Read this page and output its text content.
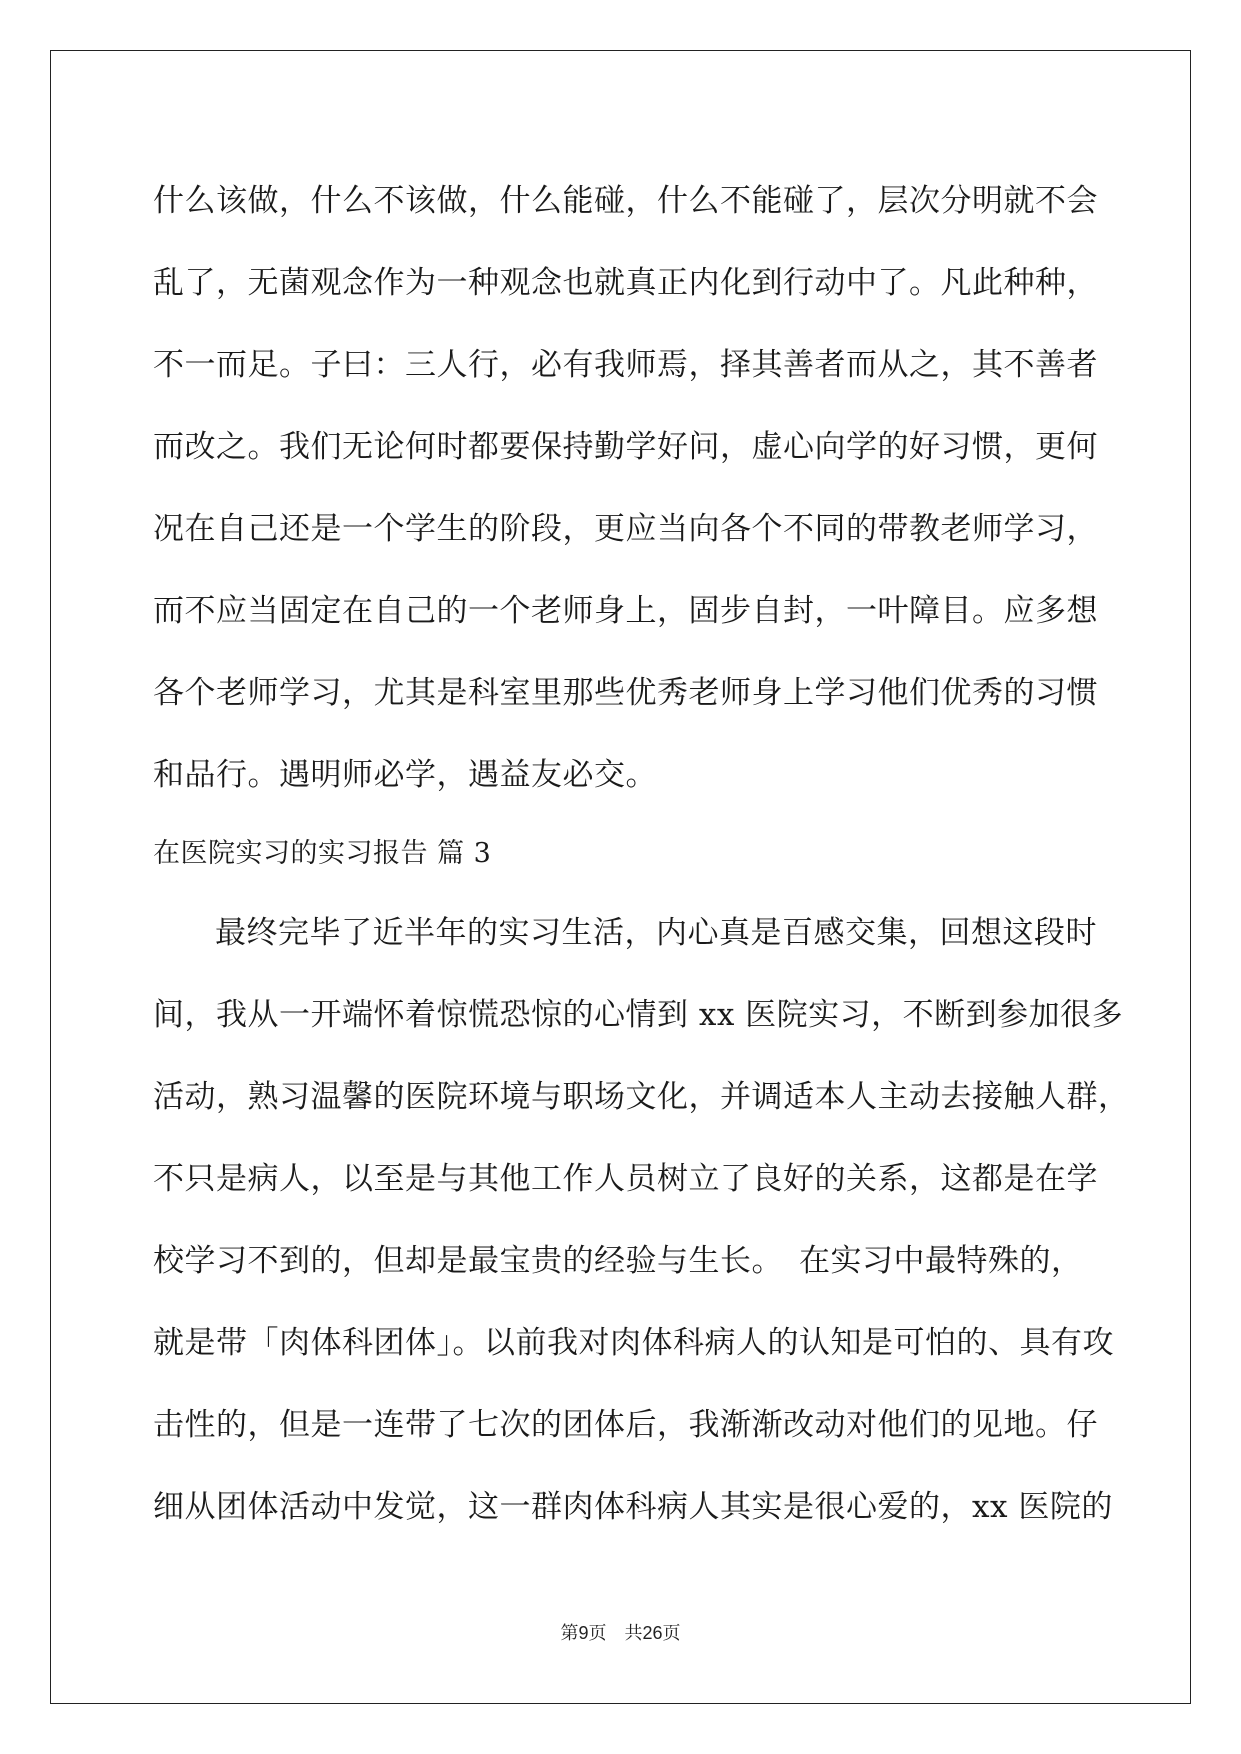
什么该做，什么不该做，什么能碰，什么不能碰了，层次分明就不会
乱了，无菌观念作为一种观念也就真正内化到行动中了。凡此种种，
不一而足。子曰：三人行，必有我师焉，择其善者而从之，其不善者
而改之。我们无论何时都要保持勤学好问，虚心向学的好习惯，更何
况在自己还是一个学生的阶段，更应当向各个不同的带教老师学习，
而不应当固定在自己的一个老师身上，固步自封，一叶障目。应多想
各个老师学习，尤其是科室里那些优秀老师身上学习他们优秀的习惯
和品行。遇明师必学，遇益友必交。
在医院实习的实习报告 篇 3
最终完毕了近半年的实习生活，内心真是百感交集，回想这段时
间，我从一开端怀着惊慌恐惊的心情到 xx 医院实习，不断到参加很多
活动，熟习温馨的医院环境与职场文化，并调适本人主动去接触人群，
不只是病人，以至是与其他工作人员树立了良好的关系，这都是在学
校学习不到的，但却是最宝贵的经验与生长。　在实习中最特殊的，
就是带「肉体科团体」。以前我对肉体科病人的认知是可怕的、具有攻
击性的，但是一连带了七次的团体后，我渐渐改动对他们的见地。仔
细从团体活动中发觉，这一群肉体科病人其实是很心爱的，xx 医院的
第9页 共26页
